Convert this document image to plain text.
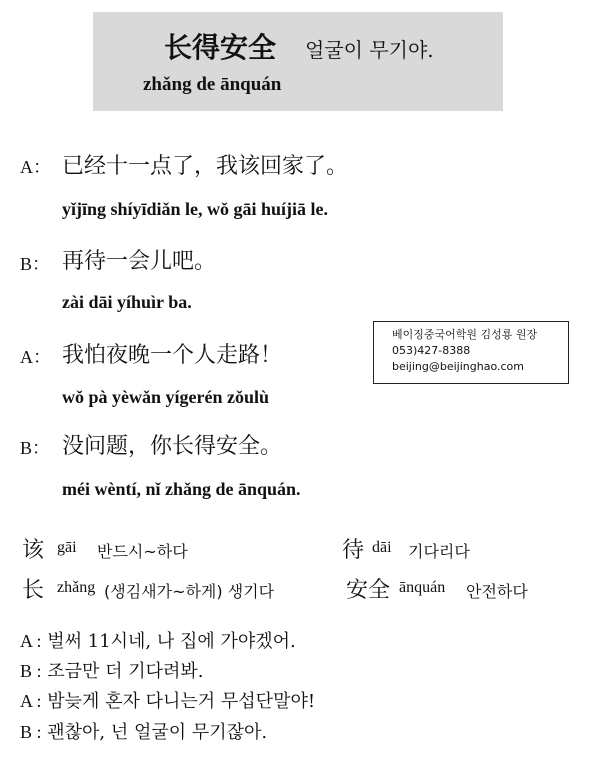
长得安全 얼굴이 무기야.
zhǎng de ānquán
A： 已经十一点了，我该回家了。
yǐjīng shíyīdiǎn le, wǒ gāi huíjiā le.
B： 再待一会儿吧。
zài dāi yíhuìr ba.
A： 我怕夜晚一个人走路！
wǒ pà yèwǎn yígerén zǒulù
B： 没问题，你长得安全。
méi wèntí, nǐ zhǎng de ānquán.
베이징중국어학원 김성룡 원장
053)427-8388
beijing@beijinghao.com
该 gāi 반드시~하다	待 dāi 기다리다
长 zhǎng (생김새가~하게) 생기다	安全 ānquán 안전하다
A : 벌써 11시네, 나 집에 가야겠어.
B : 조금만 더 기다려봐.
A : 밤늦게 혼자 다니는거 무섭단말야!
B : 괜찮아, 넌 얼굴이 무기잖아.
